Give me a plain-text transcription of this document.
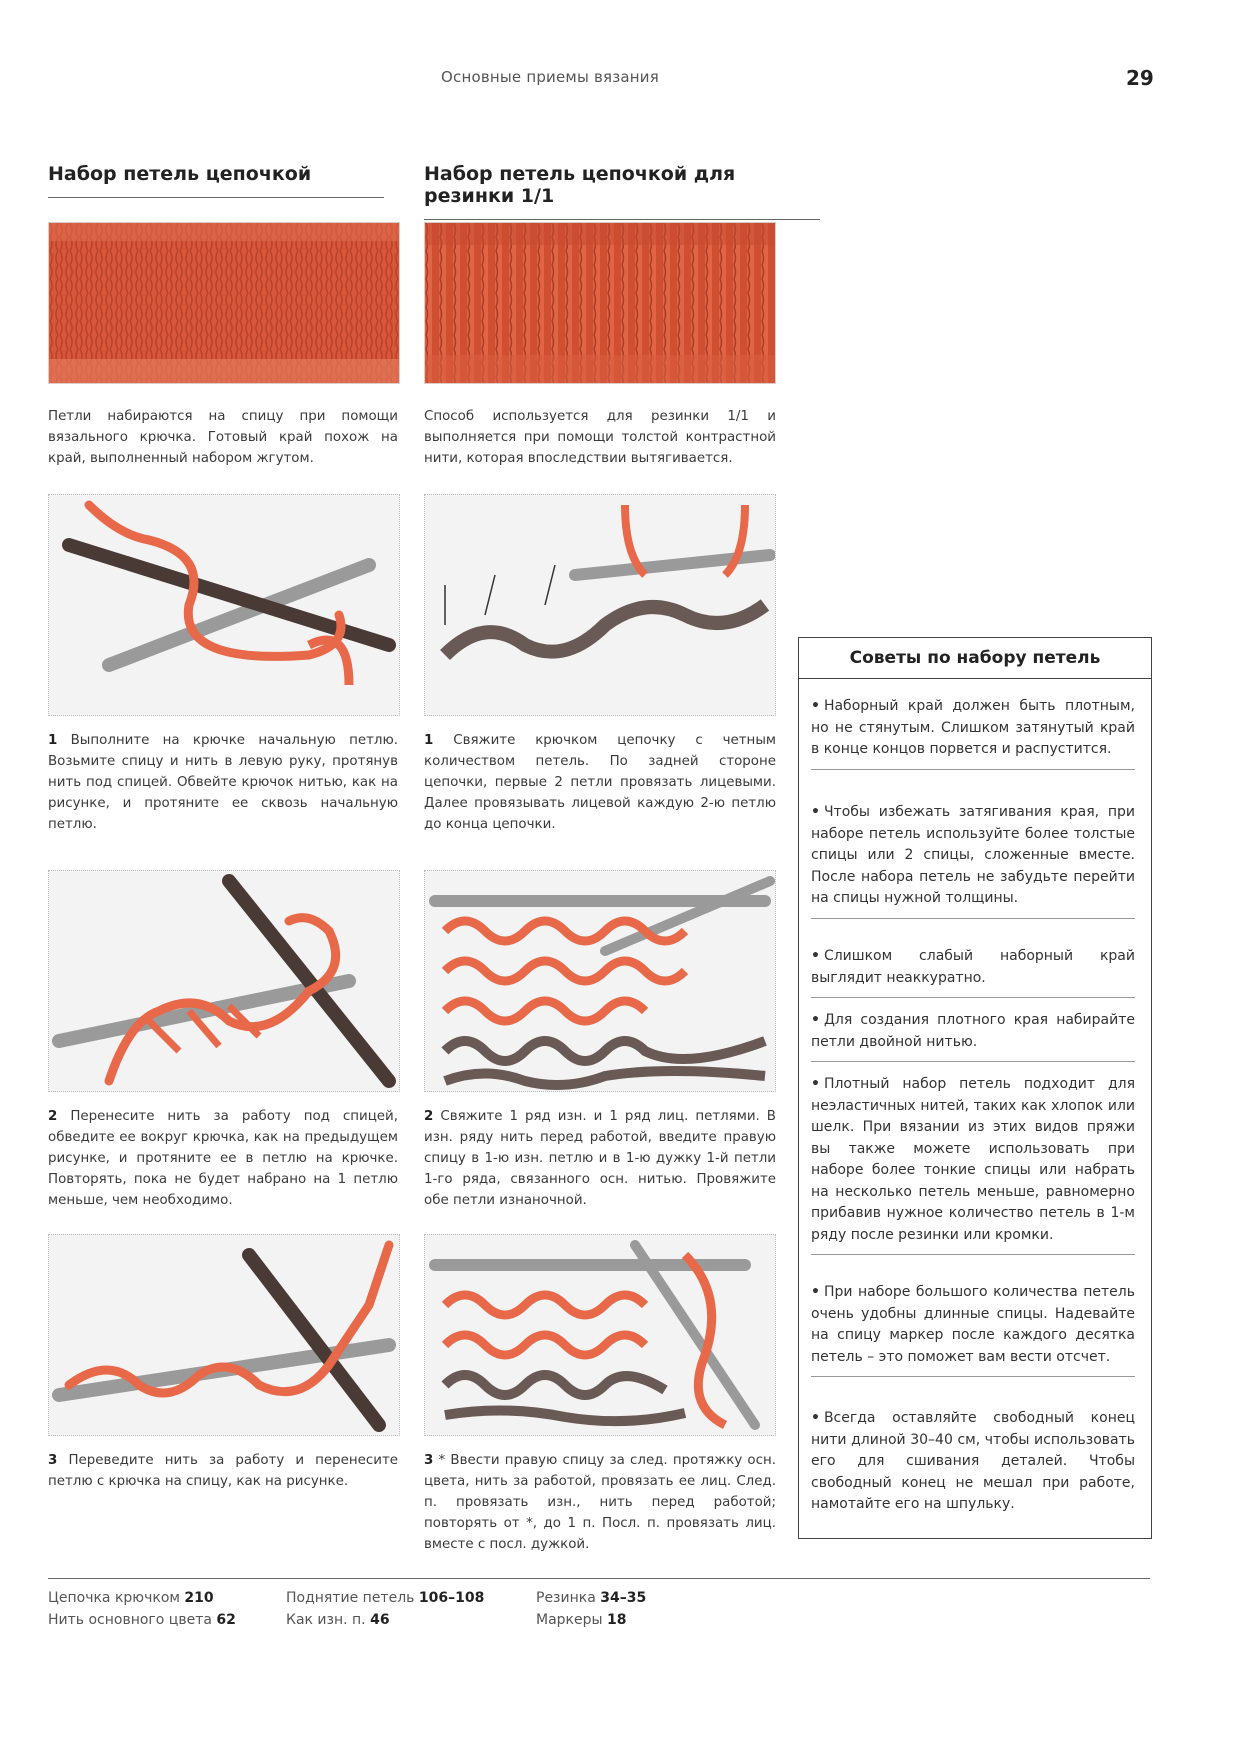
Основные приемы вязания	29
Набор петель цепочкой	Набор петель цепочкой для резинки 1/1
Петли набираются на спицу при помощи вязального крючка. Готовый край похож на край, выполненный набором жгутом.
Способ используется для резинки 1/1 и выполняется при помощи толстой контрастной нити, которая впоследствии вытягивается.
1 Выполните на крючке начальную петлю. Возьмите спицу и нить в левую руку, протянув нить под спицей. Обвейте крючок нитью, как на рисунке, и протяните ее сквозь начальную петлю.
2 Перенесите нить за работу под спицей, обведите ее вокруг крючка, как на предыдущем рисунке, и протяните ее в петлю на крючке. Повторять, пока не будет набрано на 1 петлю меньше, чем необходимо.
3 Переведите нить за работу и перенесите петлю с крючка на спицу, как на рисунке.
1 Свяжите крючком цепочку с четным количеством петель. По задней стороне цепочки, первые 2 петли провязать лицевыми. Далее провязывать лицевой каждую 2-ю петлю до конца цепочки.
2 Свяжите 1 ряд изн. и 1 ряд лиц. петлями. В изн. ряду нить перед работой, введите правую спицу в 1-ю изн. петлю и в 1-ю дужку 1-й петли 1-го ряда, связанного осн. нитью. Провяжите обе петли изнаночной.
3 * Ввести правую спицу за след. протяжку осн. цвета, нить за работой, провязать ее лиц. След. п. провязать изн., нить перед работой; повторять от *, до 1 п. Посл. п. провязать лиц. вместе с посл. дужкой.
Советы по набору петель
• Наборный край должен быть плотным, но не стянутым. Слишком затянутый край в конце концов порвется и распустится.
• Чтобы избежать затягивания края, при наборе петель используйте более толстые спицы или 2 спицы, сложенные вместе. После набора петель не забудьте перейти на спицы нужной толщины.
• Слишком слабый наборный край выглядит неаккуратно.
• Для создания плотного края набирайте петли двойной нитью.
• Плотный набор петель подходит для неэластичных нитей, таких как хлопок или шелк. При вязании из этих видов пряжи вы также можете использовать при наборе более тонкие спицы или набрать на несколько петель меньше, равномерно прибавив нужное количество петель в 1-м ряду после резинки или кромки.
• При наборе большого количества петель очень удобны длинные спицы. Надевайте на спицу маркер после каждого десятка петель – это поможет вам вести отсчет.
• Всегда оставляйте свободный конец нити длиной 30–40 см, чтобы использовать его для сшивания деталей. Чтобы свободный конец не мешал при работе, намотайте его на шпульку.
Цепочка крючком 210
Нить основного цвета 62
Поднятие петель 106–108
Как изн. п. 46
Резинка 34–35
Маркеры 18
